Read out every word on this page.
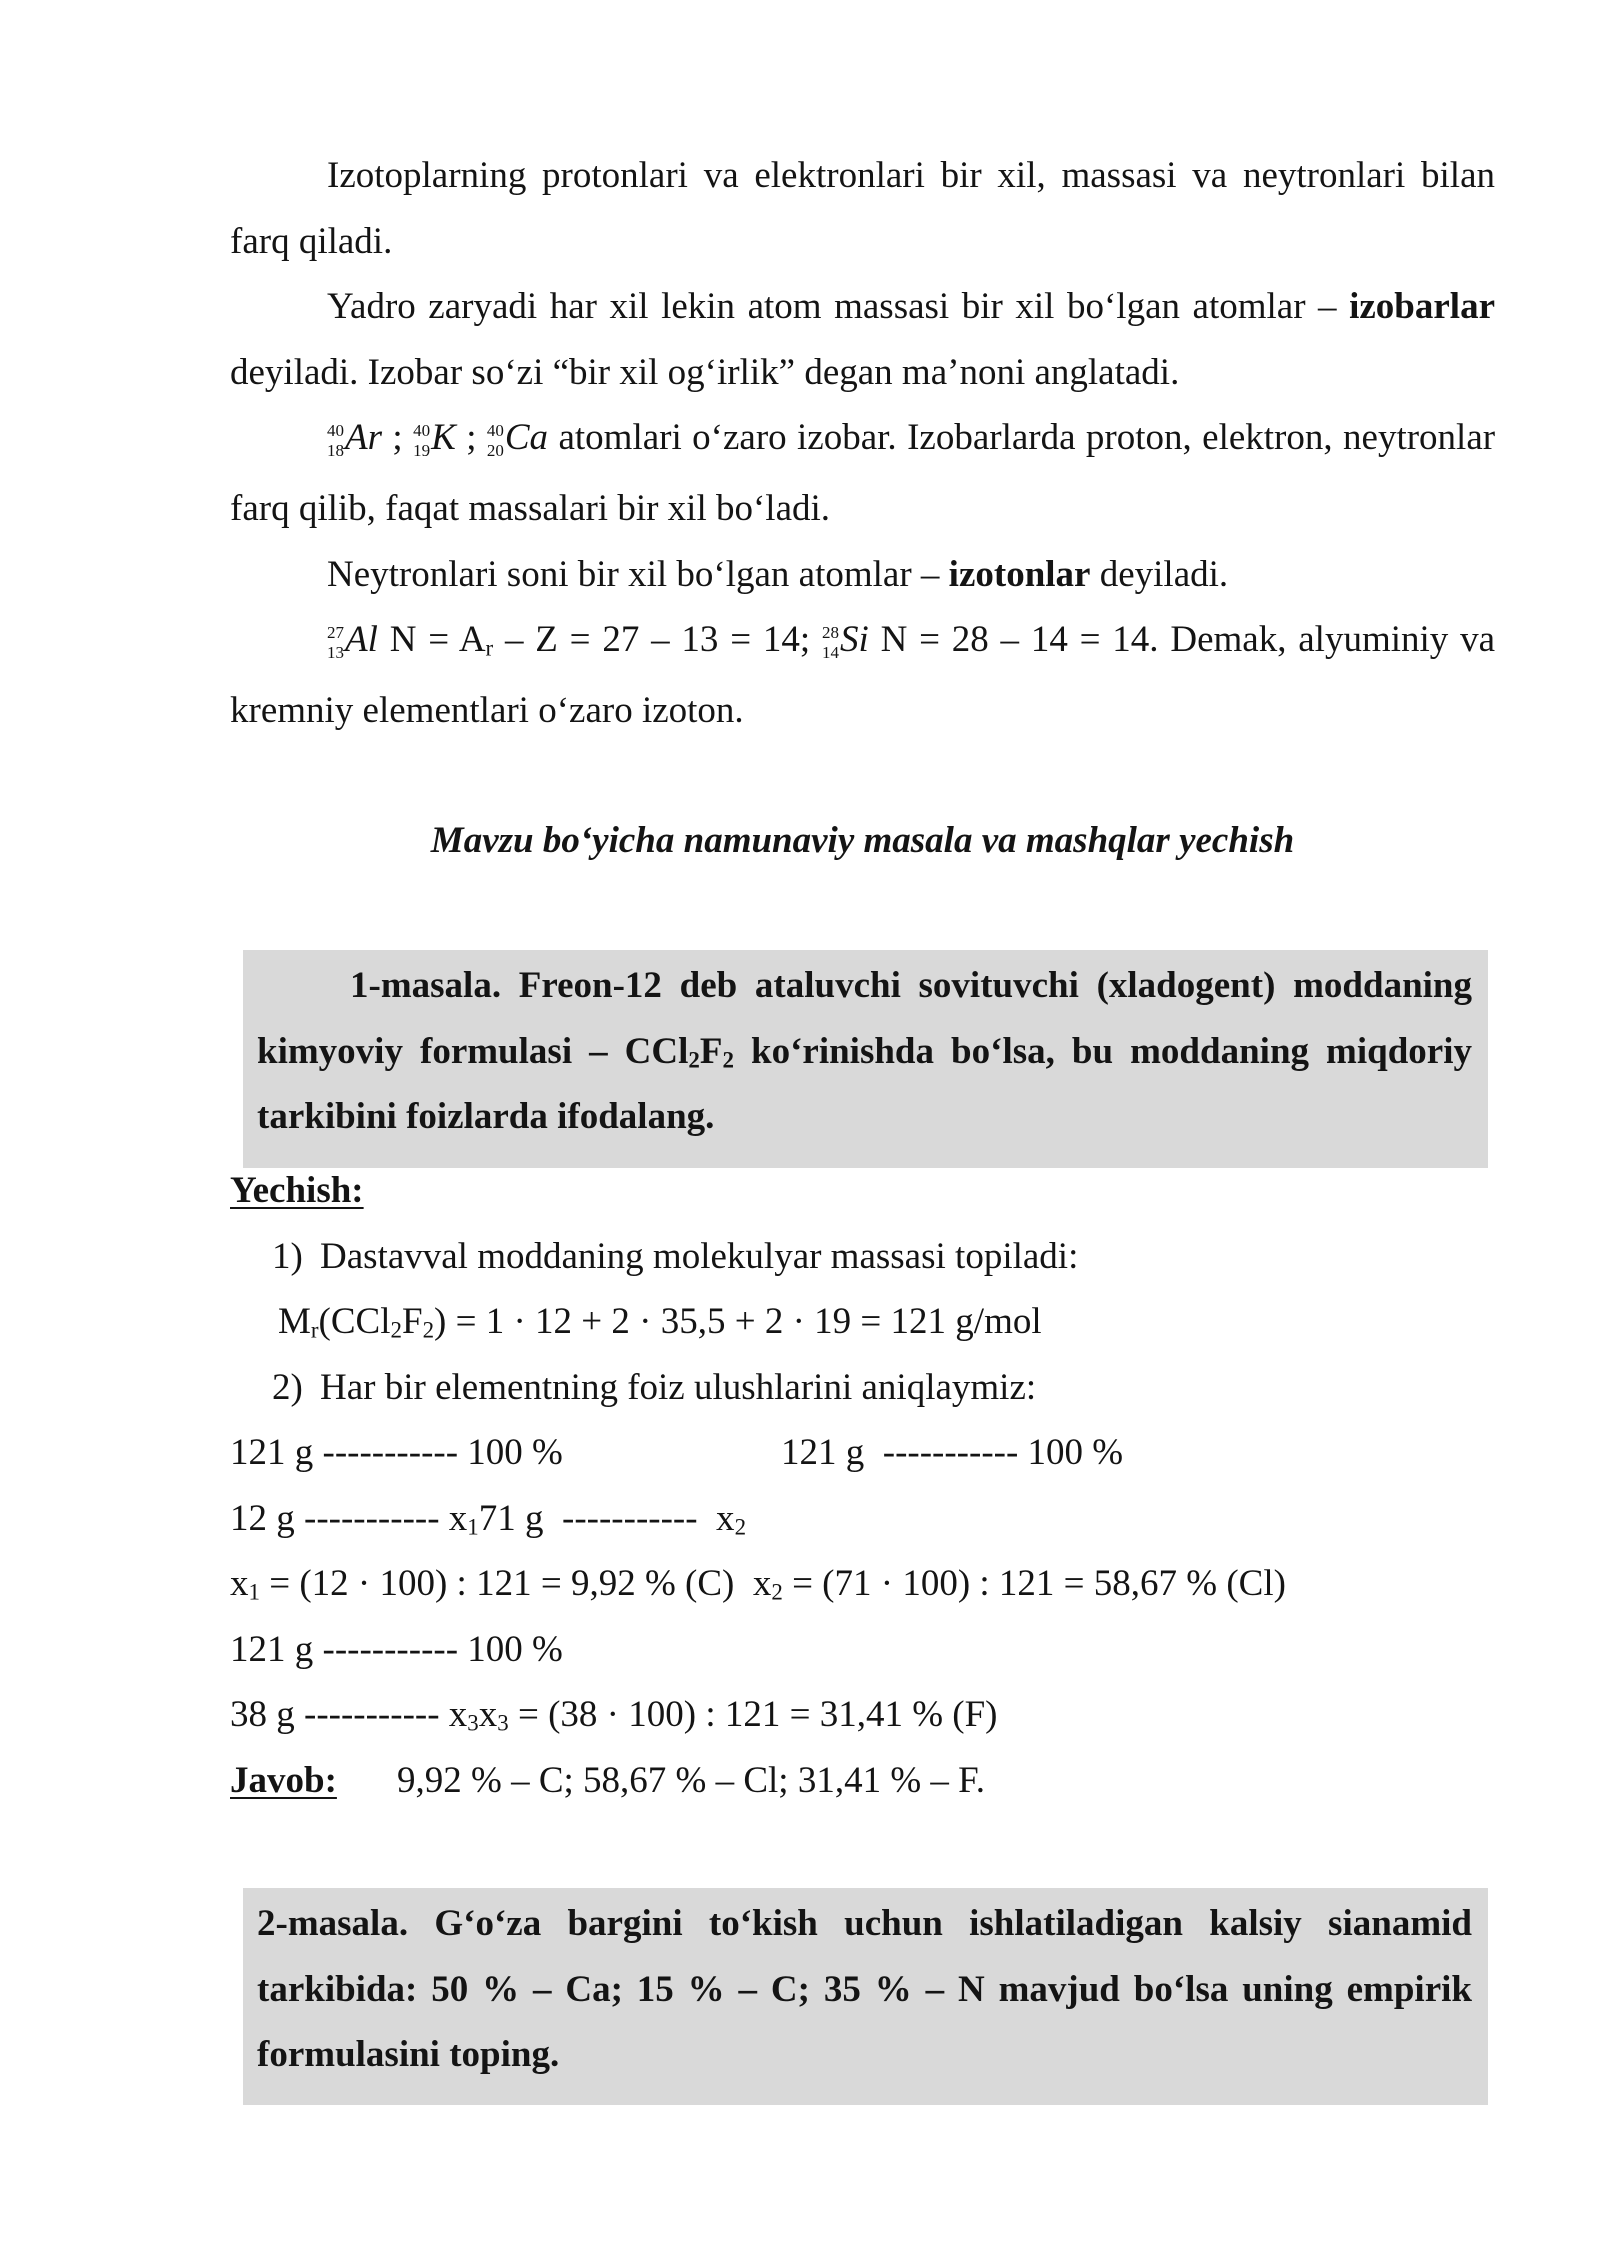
Izotoplarning protonlari va elektronlari bir xil, massasi va neytronlari bilan
farq qiladi.
Yadro zaryadi har xil lekin atom massasi bir xil bo‘lgan atomlar – izobarlar
deyiladi. Izobar so‘zi “bir xil og‘irlik” degan ma’noni anglatadi.
40
18 Ar ; 40
19 K ; 40
20 Ca atomlari o‘zaro izobar. Izobarlarda proton, elektron, neytronlar
farq qilib, faqat massalari bir xil bo‘ladi.
Neytronlari soni bir xil bo‘lgan atomlar – izotonlar deyiladi.
27
13 Al $N = A_r - Z = 27 - 13 = 14$; 28
14 Si N = 28 – 14 = 14. Demak, alyuminiy va
kremniy elementlari o‘zaro izoton.
Mavzu bo‘yicha namunaviy masala va mashqlar yechish
1-masala. Freon-12 deb ataluvchi sovituvchi (xladogent) moddaning
kimyoviy formulasi – $CCl_2F_2$ ko‘rinishda bo‘lsa, bu moddaning miqdoriy
tarkibini foizlarda ifodalang.
Yechish:
1) Dastavval moddaning molekulyar massasi topiladi:
$M_r(CCl_2F_2) = 1 \cdot 12 + 2 \cdot 35,5 + 2 \cdot 19 = 121$ g/mol
2) Har bir elementning foiz ulushlarini aniqlaymiz:
121 g ----------- 100 %	121 g  ----------- 100 %
12 g ----------- $x_171$ g  -----------  $x_2$
$x_1 = (12 \cdot 100)$ : 121 = 9,92 % (C)  $x_2 = (71 \cdot 100)$ : 121 = 58,67 % (Cl)
121 g ----------- 100 %
38 g ----------- $x_3x_3 = (38 \cdot 100)$ : 121 = 31,41 % (F)
Javob: 9,92 % – C; 58,67 % – Cl; 31,41 % – F.
2-masala. G‘o‘za bargini to‘kish uchun ishlatiladigan kalsiy sianamid
tarkibida: 50 % – Ca; 15 % – C; 35 % – N mavjud bo‘lsa uning empirik
formulasini toping.
